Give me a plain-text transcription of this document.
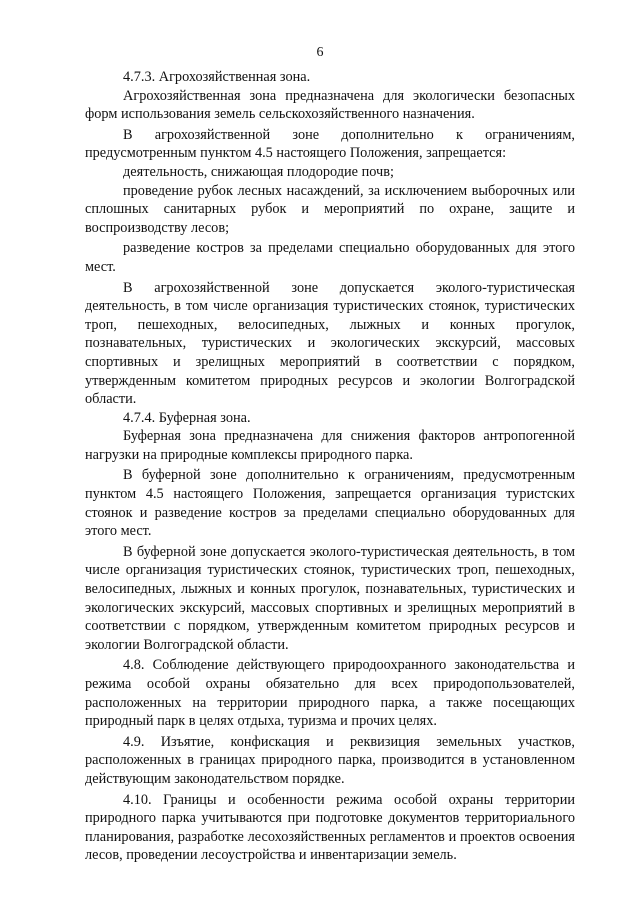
6

4.7.3. Агрохозяйственная зона.

Агрохозяйственная зона предназначена для экологически безопасных форм использования земель сельскохозяйственного назначения.

В агрохозяйственной зоне дополнительно к ограничениям, предусмотренным пунктом 4.5 настоящего Положения, запрещается:

деятельность, снижающая плодородие почв;

проведение рубок лесных насаждений, за исключением выборочных или сплошных санитарных рубок и мероприятий по охране, защите и воспроизводству лесов;

разведение костров за пределами специально оборудованных для этого мест.

В агрохозяйственной зоне допускается эколого-туристическая деятельность, в том числе организация туристических стоянок, туристических троп, пешеходных, велосипедных, лыжных и конных прогулок, познавательных, туристических и экологических экскурсий, массовых спортивных и зрелищных мероприятий в соответствии с порядком, утвержденным комитетом природных ресурсов и экологии Волгоградской области.

4.7.4. Буферная зона.

Буферная зона предназначена для снижения факторов антропогенной нагрузки на природные комплексы природного парка.

В буферной зоне дополнительно к ограничениям, предусмотренным пунктом 4.5 настоящего Положения, запрещается организация туристских стоянок и разведение костров за пределами специально оборудованных для этого мест.

В буферной зоне допускается эколого-туристическая деятельность, в том числе организация туристических стоянок, туристических троп, пешеходных, велосипедных, лыжных и конных прогулок, познавательных, туристических и экологических экскурсий, массовых спортивных и зрелищных мероприятий в соответствии с порядком, утвержденным комитетом природных ресурсов и экологии Волгоградской области.

4.8. Соблюдение действующего природоохранного законодательства и режима особой охраны обязательно для всех природопользователей, расположенных на территории природного парка, а также посещающих природный парк в целях отдыха, туризма и прочих целях.

4.9. Изъятие, конфискация и реквизиция земельных участков, расположенных в границах природного парка, производится в установленном действующим законодательством порядке.

4.10. Границы и особенности режима особой охраны территории природного парка учитываются при подготовке документов территориального планирования, разработке лесохозяйственных регламентов и проектов освоения лесов, проведении лесоустройства и инвентаризации земель.
